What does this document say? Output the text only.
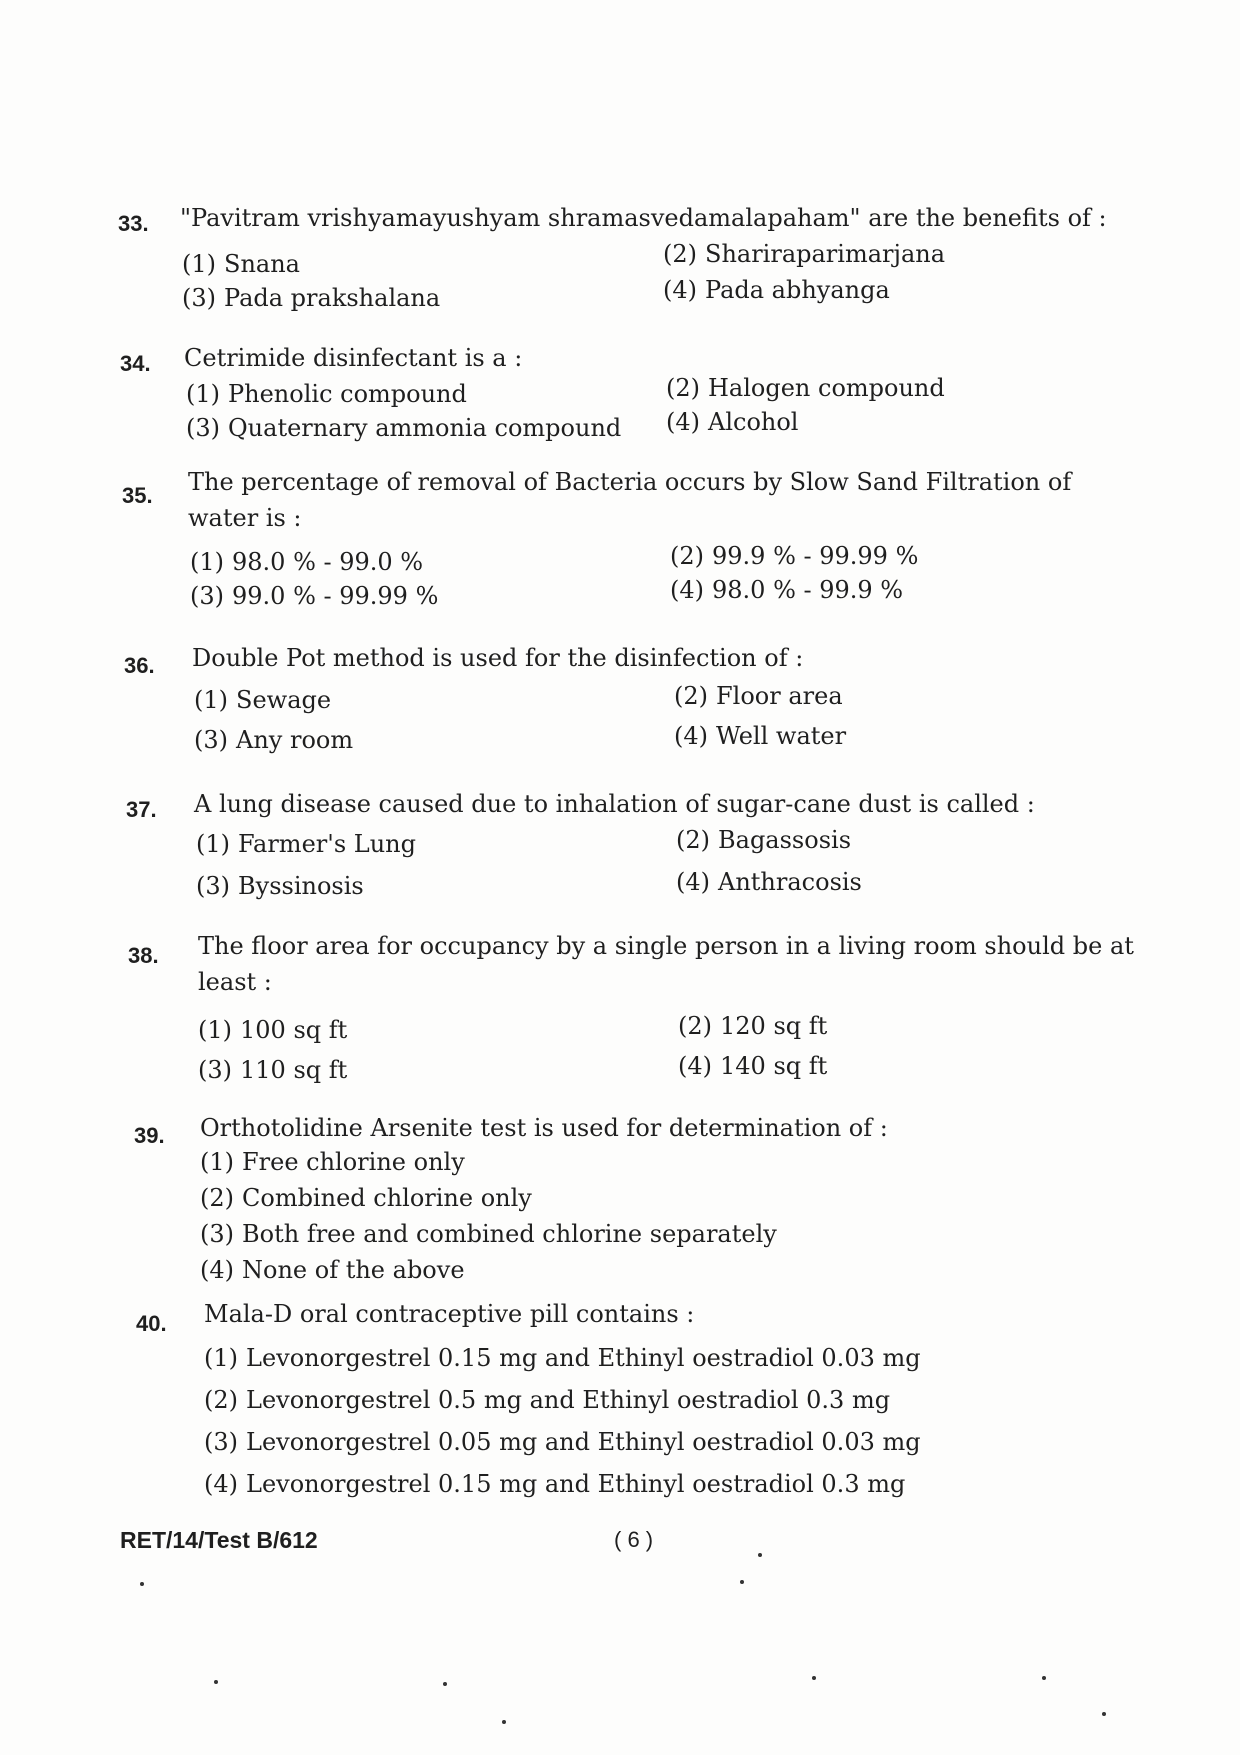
33. "Pavitram vrishyamayushyam shramasvedamalapaham" are the benefits of :
(1) Snana	(2) Shariraparimarjana
(3) Pada prakshalana	(4) Pada abhyanga
34. Cetrimide disinfectant is a :
(1) Phenolic compound	(2) Halogen compound
(3) Quaternary ammonia compound (4) Alcohol
35. The percentage of removal of Bacteria occurs by Slow Sand Filtration of water is :
(1) 98.0 % - 99.0 %	(2) 99.9 % - 99.99 %
(3) 99.0 % - 99.99 %	(4) 98.0 % - 99.9 %
36. Double Pot method is used for the disinfection of :
(1) Sewage	(2) Floor area
(3) Any room	(4) Well water
37. A lung disease caused due to inhalation of sugar-cane dust is called :
(1) Farmer's Lung	(2) Bagassosis
(3) Byssinosis	(4) Anthracosis
38. The floor area for occupancy by a single person in a living room should be at least :
(1) 100 sq ft	(2) 120 sq ft
(3) 110 sq ft	(4) 140 sq ft
39. Orthotolidine Arsenite test is used for determination of :
(1) Free chlorine only
(2) Combined chlorine only
(3) Both free and combined chlorine separately
(4) None of the above
40. Mala-D oral contraceptive pill contains :
(1) Levonorgestrel 0.15 mg and Ethinyl oestradiol 0.03 mg
(2) Levonorgestrel 0.5 mg and Ethinyl oestradiol 0.3 mg
(3) Levonorgestrel 0.05 mg and Ethinyl oestradiol 0.03 mg
(4) Levonorgestrel 0.15 mg and Ethinyl oestradiol 0.3 mg
RET/14/Test B/612	( 6 )
